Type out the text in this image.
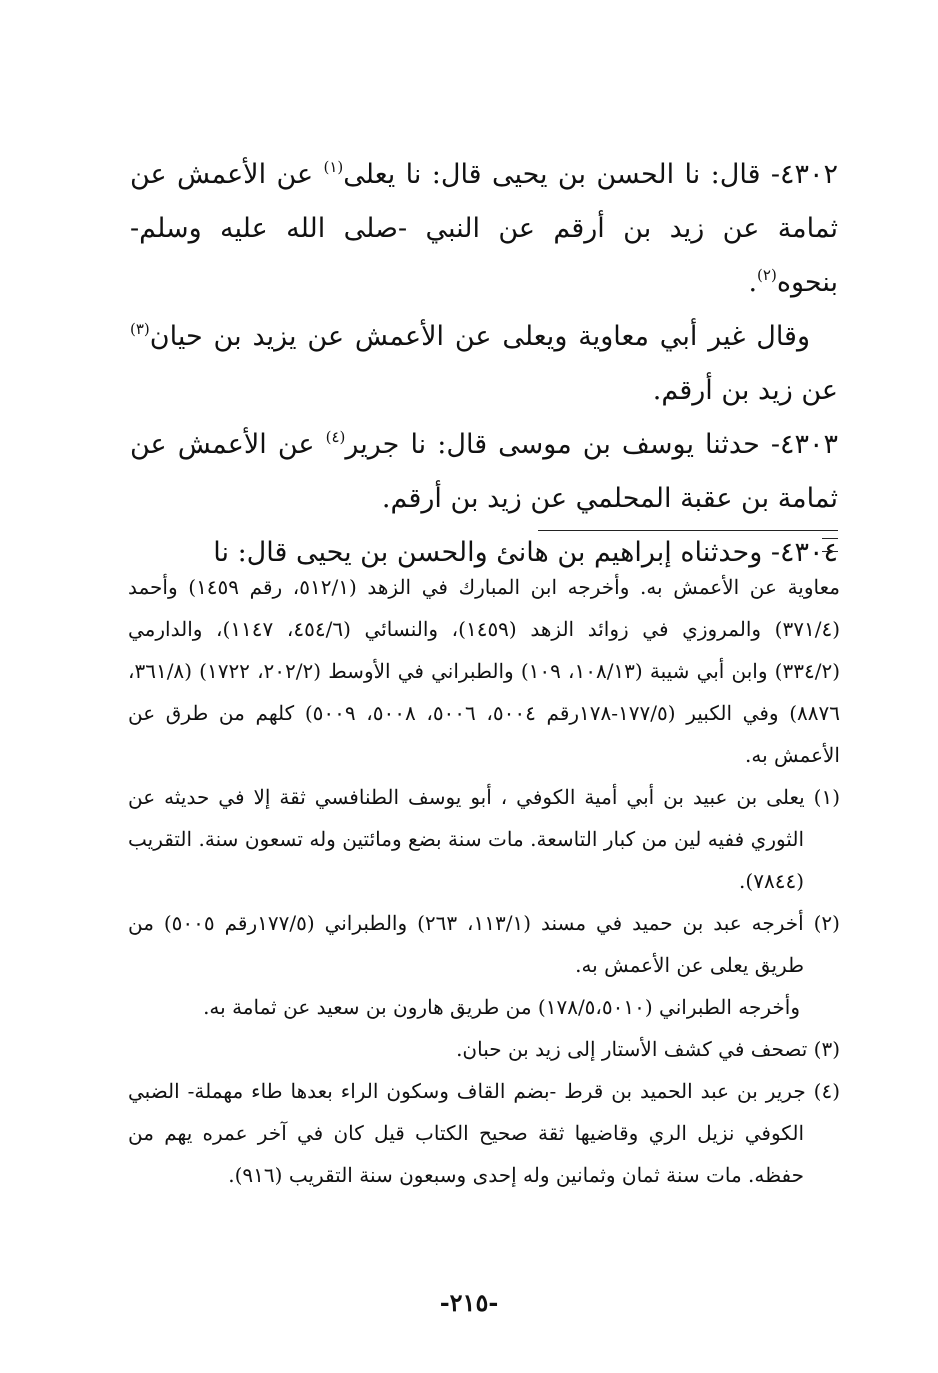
٤٣٠٢- قال: نا الحسن بن يحيى قال: نا يعلى$^{(١)}$ عن الأعمش عن ثمامة عن زيد بن أرقم عن النبي -صلى الله عليه وسلم- بنحوه$^{(٢)}$.

وقال غير أبي معاوية ويعلى عن الأعمش عن يزيد بن حيان$^{(٣)}$ عن زيد بن أرقم.

٤٣٠٣- حدثنا يوسف بن موسى قال: نا جرير$^{(٤)}$ عن الأعمش عن ثمامة بن عقبة المحلمي عن زيد بن أرقم.

٤٣٠٤- وحدثناه إبراهيم بن هانئ والحسن بن يحيى قال: نا

معاوية عن الأعمش به. وأخرجه ابن المبارك في الزهد (٥١٢/١، رقم ١٤٥٩) وأحمد (٣٧١/٤) والمروزي في زوائد الزهد (١٤٥٩)، والنسائي (٤٥٤/٦، ١١٤٧)، والدارمي (٣٣٤/٢) وابن أبي شيبة (١٠٨/١٣، ١٠٩) والطبراني في الأوسط (٢٠٢/٢، ١٧٢٢) (٣٦١/٨، ٨٨٧٦) وفي الكبير (١٧٧/٥-١٧٨رقم ٥٠٠٤، ٥٠٠٦، ٥٠٠٨، ٥٠٠٩) كلهم من طرق عن الأعمش به.

(١) يعلى بن عبيد بن أبي أمية الكوفي ، أبو يوسف الطنافسي ثقة إلا في حديثه عن الثوري ففيه لين من كبار التاسعة. مات سنة بضع ومائتين وله تسعون سنة. التقريب (٧٨٤٤).

(٢) أخرجه عبد بن حميد في مسند (١١٣/١، ٢٦٣) والطبراني (١٧٧/٥رقم ٥٠٠٥) من طريق يعلى عن الأعمش به.

وأخرجه الطبراني (١٧٨/٥،٥٠١٠) من طريق هارون بن سعيد عن ثمامة به.

(٣) تصحف في كشف الأستار إلى زيد بن حبان.

(٤) جرير بن عبد الحميد بن قرط -بضم القاف وسكون الراء بعدها طاء مهملة- الضبي الكوفي نزيل الري وقاضيها ثقة صحيح الكتاب قيل كان في آخر عمره يهم من حفظه. مات سنة ثمان وثمانين وله إحدى وسبعون سنة التقريب (٩١٦).

-٢١٥-
